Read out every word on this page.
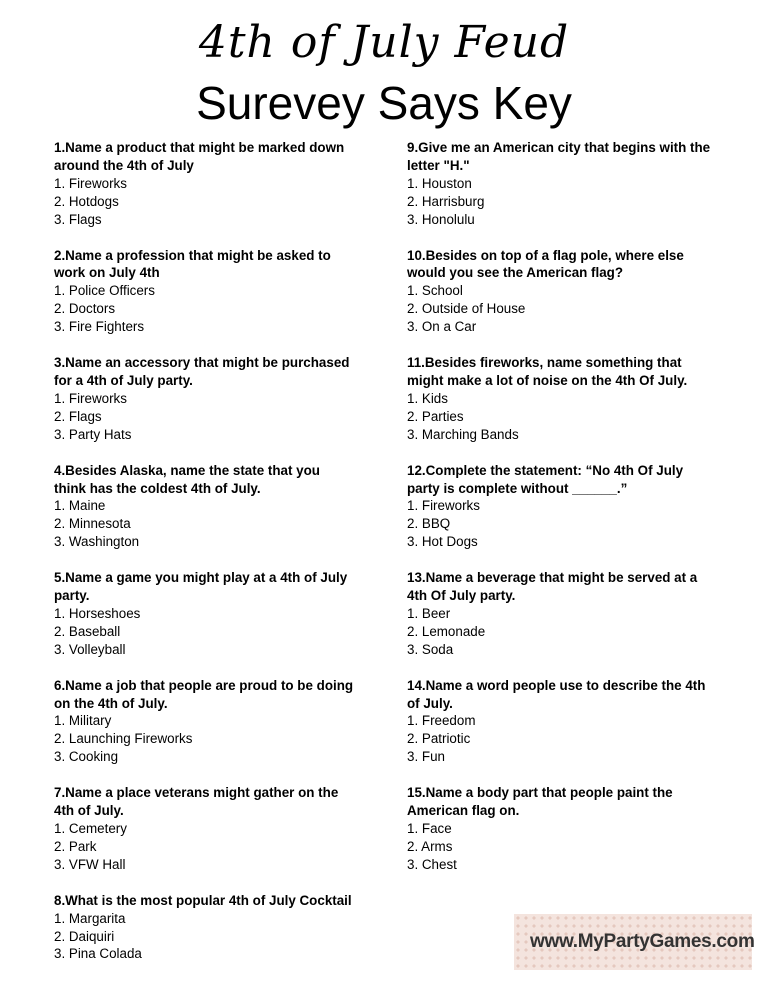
4th of July Feud
Surevey Says Key
1.Name a product that might be marked down around the 4th of July
1. Fireworks
2. Hotdogs
3. Flags
2.Name a profession that might be asked to work on July 4th
1. Police Officers
2. Doctors
3. Fire Fighters
3.Name an accessory that might be purchased for a 4th of July party.
1. Fireworks
2. Flags
3. Party Hats
4.Besides Alaska, name the state that you think has the coldest 4th of July.
1. Maine
2. Minnesota
3. Washington
5.Name a game you might play at a 4th of July party.
1. Horseshoes
2. Baseball
3. Volleyball
6.Name a job that people are proud to be doing on the 4th of July.
1. Military
2. Launching Fireworks
3. Cooking
7.Name a place veterans might gather on the 4th of July.
1. Cemetery
2. Park
3. VFW Hall
8.What is the most popular 4th of July Cocktail
1. Margarita
2. Daiquiri
3. Pina Colada
9.Give me an American city that begins with the letter "H."
1. Houston
2. Harrisburg
3. Honolulu
10.Besides on top of a flag pole, where else would you see the American flag?
1. School
2. Outside of House
3. On a Car
11.Besides fireworks, name something that might make a lot of noise on the 4th Of July.
1. Kids
2. Parties
3. Marching Bands
12.Complete the statement: “No 4th Of July party is complete without ______.”
1. Fireworks
2. BBQ
3. Hot Dogs
13.Name a beverage that might be served at a 4th Of July party.
1. Beer
2. Lemonade
3. Soda
14.Name a word people use to describe the 4th of July.
1. Freedom
2. Patriotic
3. Fun
15.Name a body part that people paint the American flag on.
1. Face
2. Arms
3. Chest
www.MyPartyGames.com
